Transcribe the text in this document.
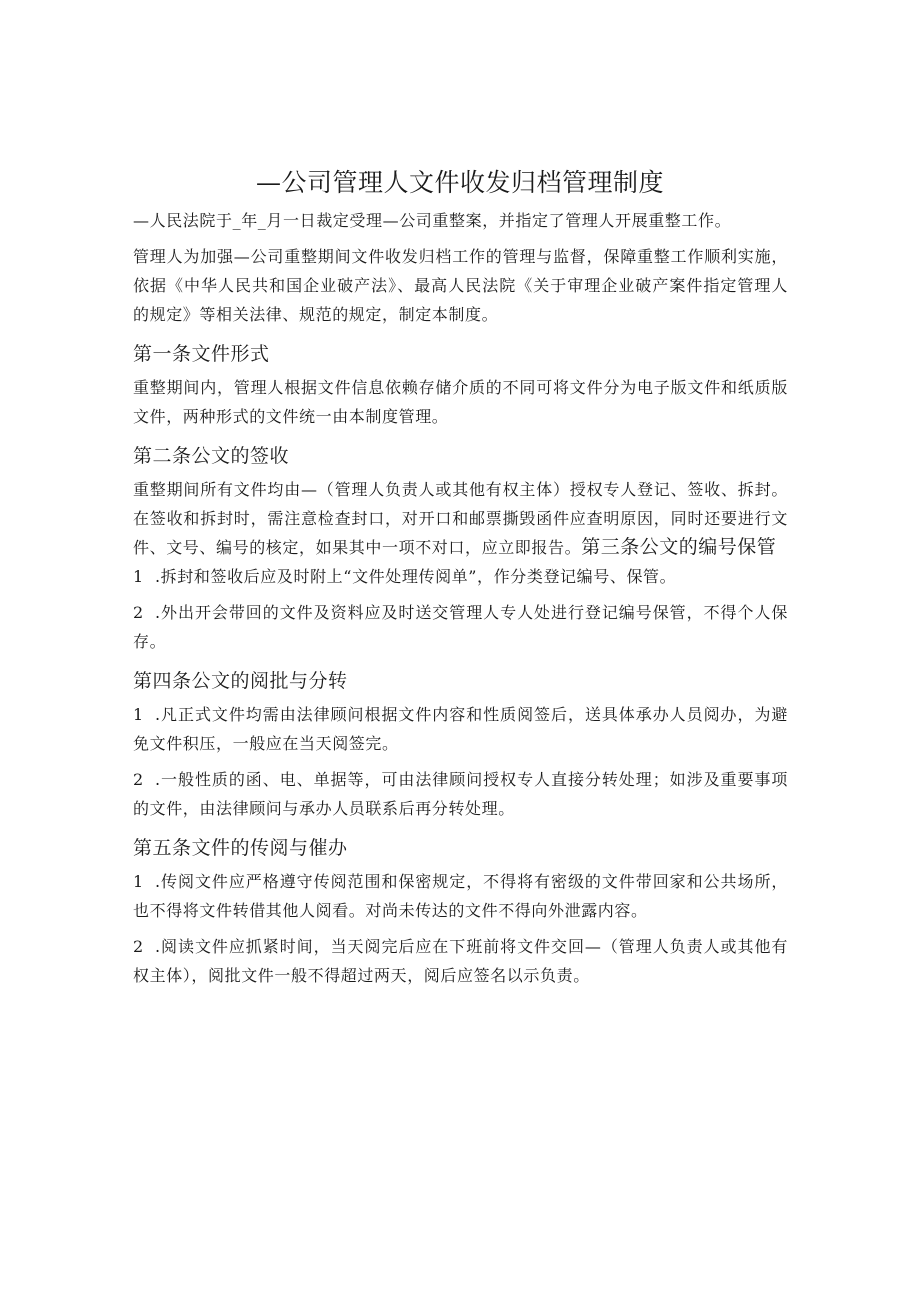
—公司管理人文件收发归档管理制度

—人民法院于_年_月一日裁定受理—公司重整案，并指定了管理人开展重整工作。

管理人为加强—公司重整期间文件收发归档工作的管理与监督，保障重整工作顺利实施，依据《中华人民共和国企业破产法》、最高人民法院《关于审理企业破产案件指定管理人的规定》等相关法律、规范的规定，制定本制度。

第一条文件形式

重整期间内，管理人根据文件信息依赖存储介质的不同可将文件分为电子版文件和纸质版文件，两种形式的文件统一由本制度管理。

第二条公文的签收

重整期间所有文件均由—（管理人负责人或其他有权主体）授权专人登记、签收、拆封。在签收和拆封时，需注意检查封口，对开口和邮票撕毁函件应查明原因，同时还要进行文件、文号、编号的核定，如果其中一项不对口，应立即报告。第三条公文的编号保管

1 .拆封和签收后应及时附上“文件处理传阅单”，作分类登记编号、保管。

2 .外出开会带回的文件及资料应及时送交管理人专人处进行登记编号保管，不得个人保存。

第四条公文的阅批与分转

1 .凡正式文件均需由法律顾问根据文件内容和性质阅签后，送具体承办人员阅办，为避免文件积压，一般应在当天阅签完。

2 .一般性质的函、电、单据等，可由法律顾问授权专人直接分转处理；如涉及重要事项的文件，由法律顾问与承办人员联系后再分转处理。

第五条文件的传阅与催办

1 .传阅文件应严格遵守传阅范围和保密规定，不得将有密级的文件带回家和公共场所，也不得将文件转借其他人阅看。对尚未传达的文件不得向外泄露内容。

2 .阅读文件应抓紧时间，当天阅完后应在下班前将文件交回—（管理人负责人或其他有权主体），阅批文件一般不得超过两天，阅后应签名以示负责。
